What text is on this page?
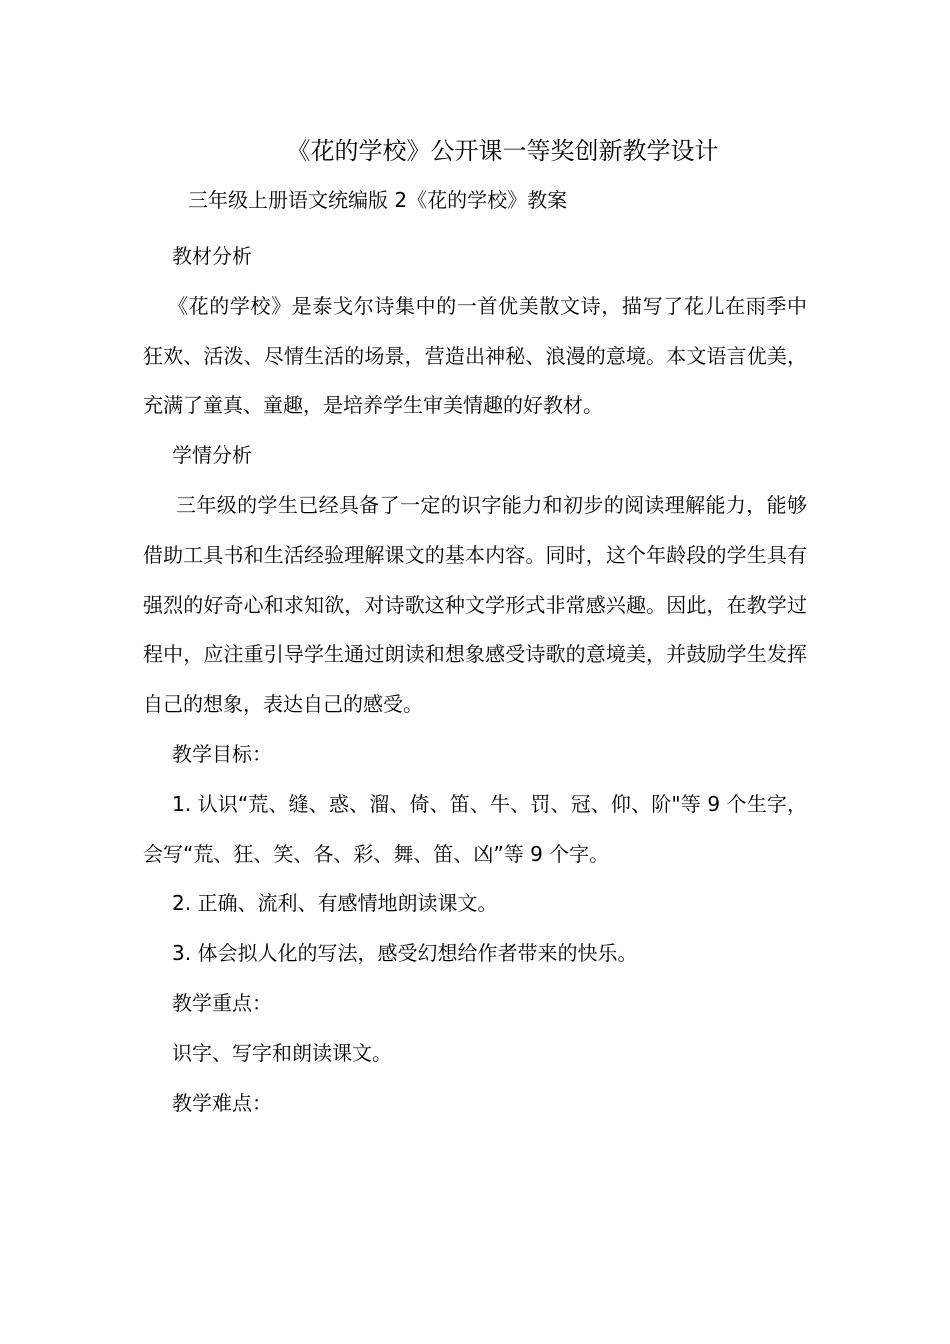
《花的学校》公开课一等奖创新教学设计
三年级上册语文统编版 2《花的学校》教案

教材分析

《花的学校》是泰戈尔诗集中的一首优美散文诗，描写了花儿在雨季中狂欢、活泼、尽情生活的场景，营造出神秘、浪漫的意境。本文语言优美，充满了童真、童趣，是培养学生审美情趣的好教材。

学情分析

三年级的学生已经具备了一定的识字能力和初步的阅读理解能力，能够借助工具书和生活经验理解课文的基本内容。同时，这个年龄段的学生具有强烈的好奇心和求知欲，对诗歌这种文学形式非常感兴趣。因此，在教学过程中，应注重引导学生通过朗读和想象感受诗歌的意境美，并鼓励学生发挥自己的想象，表达自己的感受。

教学目标：

1. 认识“荒、缝、惑、溜、倚、笛、牛、罚、冠、仰、阶"等 9 个生字，会写“荒、狂、笑、各、彩、舞、笛、凶”等 9 个字。

2. 正确、流利、有感情地朗读课文。

3. 体会拟人化的写法，感受幻想给作者带来的快乐。

教学重点：

识字、写字和朗读课文。

教学难点：
